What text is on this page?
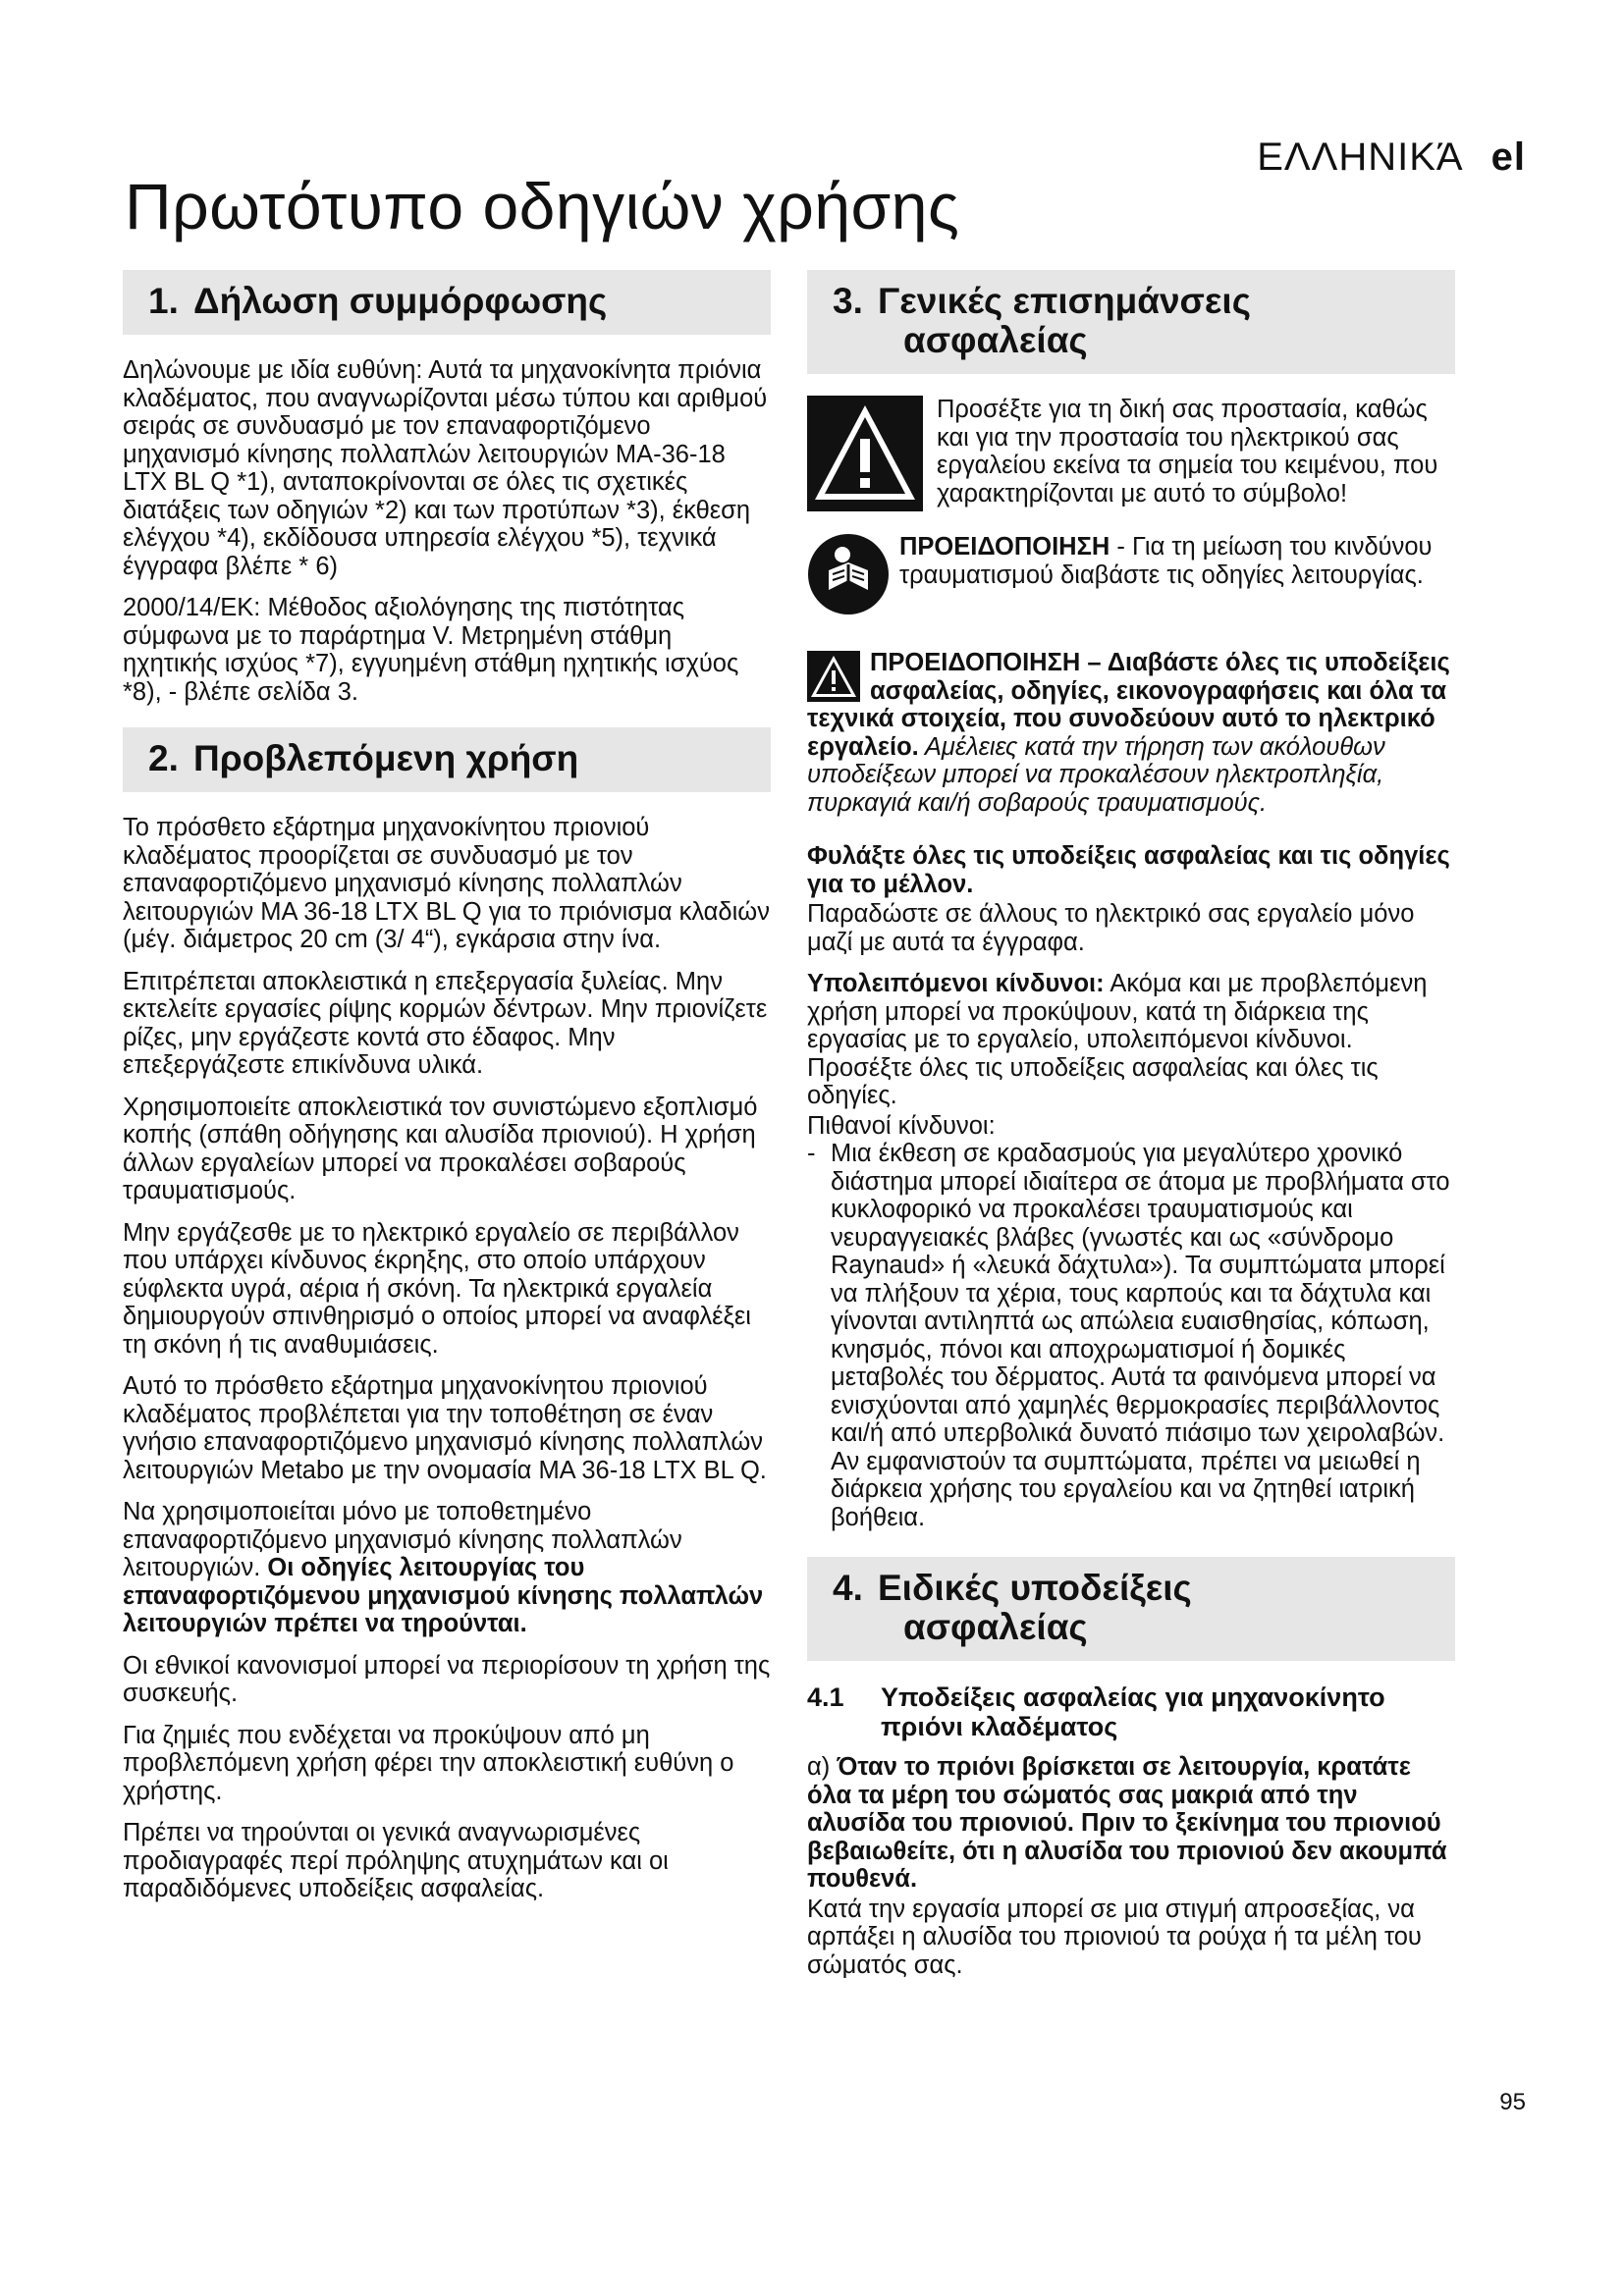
ΕΛΛΗΝΙΚΆ el
Πρωτότυπο οδηγιών χρήσης
1. Δήλωση συμμόρφωσης

Δηλώνουμε με ιδία ευθύνη: Αυτά τα μηχανοκίνητα πριόνια κλαδέματος, που αναγνωρίζονται μέσω τύπου και αριθμού σειράς σε συνδυασμό με τον επαναφορτιζόμενο μηχανισμό κίνησης πολλαπλών λειτουργιών MA-36-18 LTX BL Q *1), ανταποκρίνονται σε όλες τις σχετικές διατάξεις των οδηγιών *2) και των προτύπων *3), έκθεση ελέγχου *4), εκδίδουσα υπηρεσία ελέγχου *5), τεχνικά έγγραφα βλέπε * 6)

2000/14/ΕΚ: Μέθοδος αξιολόγησης της πιστότητας σύμφωνα με το παράρτημα V. Μετρημένη στάθμη ηχητικής ισχύος *7), εγγυημένη στάθμη ηχητικής ισχύος *8), - βλέπε σελίδα 3.

2. Προβλεπόμενη χρήση

Το πρόσθετο εξάρτημα μηχανοκίνητου πριονιού κλαδέματος προορίζεται σε συνδυασμό με τον επαναφορτιζόμενο μηχανισμό κίνησης πολλαπλών λειτουργιών MA 36-18 LTX BL Q για το πριόνισμα κλαδιών (μέγ. διάμετρος 20 cm (3/ 4“), εγκάρσια στην ίνα.

Επιτρέπεται αποκλειστικά η επεξεργασία ξυλείας. Μην εκτελείτε εργασίες ρίψης κορμών δέντρων. Μην πριονίζετε ρίζες, μην εργάζεστε κοντά στο έδαφος. Μην επεξεργάζεστε επικίνδυνα υλικά.

Χρησιμοποιείτε αποκλειστικά τον συνιστώμενο εξοπλισμό κοπής (σπάθη οδήγησης και αλυσίδα πριονιού). Η χρήση άλλων εργαλείων μπορεί να προκαλέσει σοβαρούς τραυματισμούς.

Μην εργάζεσθε με το ηλεκτρικό εργαλείο σε περιβάλλον που υπάρχει κίνδυνος έκρηξης, στο οποίο υπάρχουν εύφλεκτα υγρά, αέρια ή σκόνη. Τα ηλεκτρικά εργαλεία δημιουργούν σπινθηρισμό ο οποίος μπορεί να αναφλέξει τη σκόνη ή τις αναθυμιάσεις.

Αυτό το πρόσθετο εξάρτημα μηχανοκίνητου πριονιού κλαδέματος προβλέπεται για την τοποθέτηση σε έναν γνήσιο επαναφορτιζόμενο μηχανισμό κίνησης πολλαπλών λειτουργιών Metabo με την ονομασία MA 36-18 LTX BL Q.

Να χρησιμοποιείται μόνο με τοποθετημένο επαναφορτιζόμενο μηχανισμό κίνησης πολλαπλών λειτουργιών. Οι οδηγίες λειτουργίας του επαναφορτιζόμενου μηχανισμού κίνησης πολλαπλών λειτουργιών πρέπει να τηρούνται.

Οι εθνικοί κανονισμοί μπορεί να περιορίσουν τη χρήση της συσκευής.

Για ζημιές που ενδέχεται να προκύψουν από μη προβλεπόμενη χρήση φέρει την αποκλειστική ευθύνη ο χρήστης.

Πρέπει να τηρούνται οι γενικά αναγνωρισμένες προδιαγραφές περί πρόληψης ατυχημάτων και οι παραδιδόμενες υποδείξεις ασφαλείας.

3. Γενικές επισημάνσεις
ασφαλείας

Προσέξτε για τη δική σας προστασία, καθώς και για την προστασία του ηλεκτρικού σας εργαλείου εκείνα τα σημεία του κειμένου, που χαρακτηρίζονται με αυτό το σύμβολο!

ΠΡΟΕΙΔΟΠΟΙΗΣΗ - Για τη μείωση του κινδύνου τραυματισμού διαβάστε τις οδηγίες λειτουργίας.

ΠΡΟΕΙΔΟΠΟΙΗΣΗ – Διαβάστε όλες τις υποδείξεις ασφαλείας, οδηγίες, εικονογραφήσεις και όλα τα τεχνικά στοιχεία, που συνοδεύουν αυτό το ηλεκτρικό εργαλείο. Αμέλειες κατά την τήρηση των ακόλουθων υποδείξεων μπορεί να προκαλέσουν ηλεκτροπληξία, πυρκαγιά και/ή σοβαρούς τραυματισμούς.

Φυλάξτε όλες τις υποδείξεις ασφαλείας και τις οδηγίες για το μέλλον.

Παραδώστε σε άλλους το ηλεκτρικό σας εργαλείο μόνο μαζί με αυτά τα έγγραφα.

Υπολειπόμενοι κίνδυνοι: Ακόμα και με προβλεπόμενη χρήση μπορεί να προκύψουν, κατά τη διάρκεια της εργασίας με το εργαλείο, υπολειπόμενοι κίνδυνοι. Προσέξτε όλες τις υποδείξεις ασφαλείας και όλες τις οδηγίες.

Πιθανοί κίνδυνοι:

- Μια έκθεση σε κραδασμούς για μεγαλύτερο χρονικό διάστημα μπορεί ιδιαίτερα σε άτομα με προβλήματα στο κυκλοφορικό να προκαλέσει τραυματισμούς και νευραγγειακές βλάβες (γνωστές και ως «σύνδρομο Raynaud» ή «λευκά δάχτυλα»). Τα συμπτώματα μπορεί να πλήξουν τα χέρια, τους καρπούς και τα δάχτυλα και γίνονται αντιληπτά ως απώλεια ευαισθησίας, κόπωση, κνησμός, πόνοι και αποχρωματισμοί ή δομικές μεταβολές του δέρματος. Αυτά τα φαινόμενα μπορεί να ενισχύονται από χαμηλές θερμοκρασίες περιβάλλοντος και/ή από υπερβολικά δυνατό πιάσιμο των χειρολαβών. Αν εμφανιστούν τα συμπτώματα, πρέπει να μειωθεί η διάρκεια χρήσης του εργαλείου και να ζητηθεί ιατρική βοήθεια.
4. Ειδικές υποδείξεις
ασφαλείας
4.1	Υποδείξεις ασφαλείας για μηχανοκίνητο πριόνι κλαδέματος

α) Όταν το πριόνι βρίσκεται σε λειτουργία, κρατάτε όλα τα μέρη του σώματός σας μακριά από την αλυσίδα του πριονιού. Πριν το ξεκίνημα του πριονιού βεβαιωθείτε, ότι η αλυσίδα του πριονιού δεν ακουμπά πουθενά.

Κατά την εργασία μπορεί σε μια στιγμή απροσεξίας, να αρπάξει η αλυσίδα του πριονιού τα ρούχα ή τα μέλη του σώματός σας.

95
